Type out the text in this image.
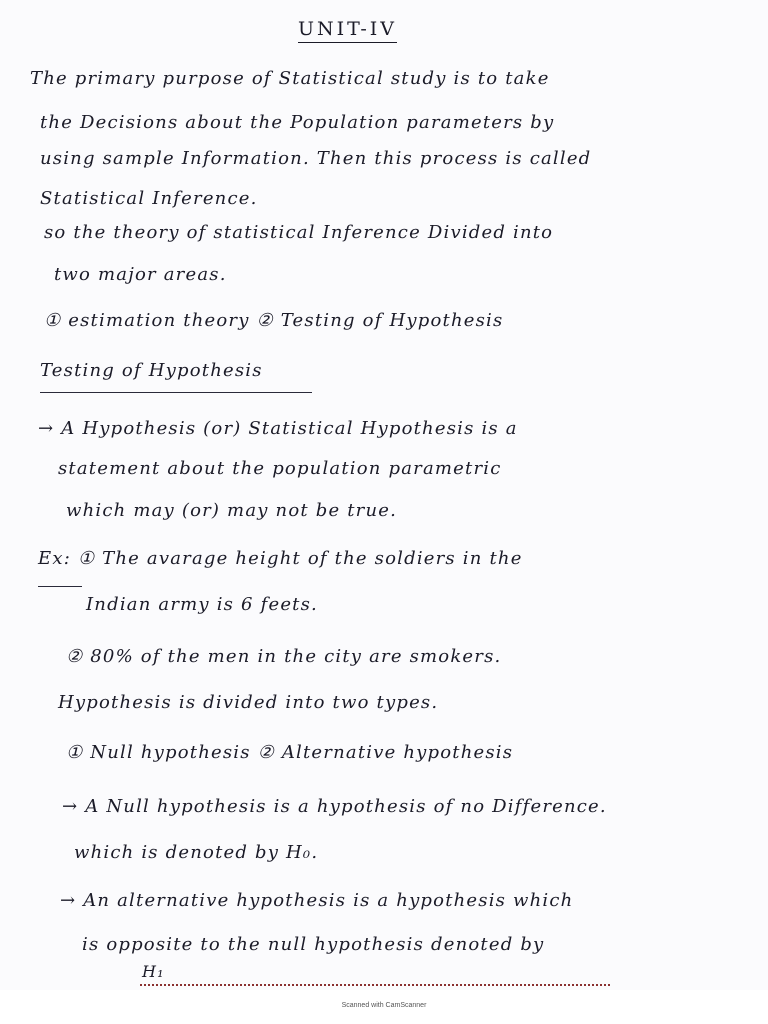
UNIT-IV
The primary purpose of Statistical study is to take
the Decisions about the Population parameters by
using sample Information. Then this process is called
Statistical Inference.
so the theory of statistical Inference Divided into
two major areas.
① estimation theory ② Testing of Hypothesis
Testing of Hypothesis
→ A Hypothesis (or) Statistical Hypothesis is a
statement about the population parametric
which may (or) may not be true.
Ex: ① The avarage height of the soldiers in the
Indian army is 6 feets.
② 80% of the men in the city are smokers.
Hypothesis is divided into two types.
① Null hypothesis ② Alternative hypothesis
→ A Null hypothesis is a hypothesis of no Difference.
which is denoted by H₀.
→ An alternative hypothesis is a hypothesis which
is opposite to the null hypothesis denoted by
H₁
Scanned with CamScanner
